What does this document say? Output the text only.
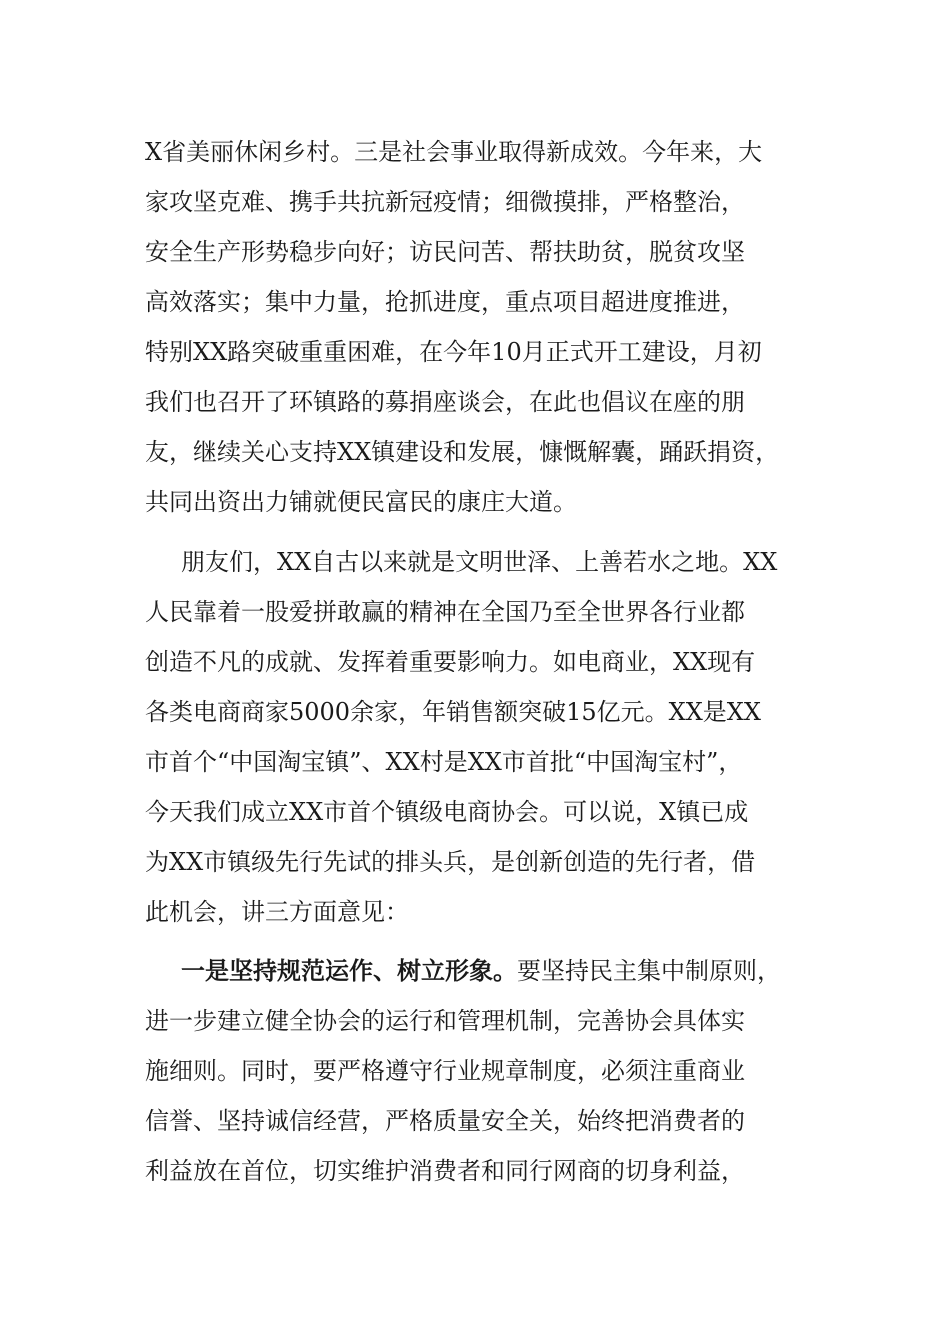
X省美丽休闲乡村。三是社会事业取得新成效。今年来，大
家攻坚克难、携手共抗新冠疫情；细微摸排，严格整治，
安全生产形势稳步向好；访民问苦、帮扶助贫，脱贫攻坚
高效落实；集中力量，抢抓进度，重点项目超进度推进，
特别XX路突破重重困难，在今年10月正式开工建设，月初
我们也召开了环镇路的募捐座谈会，在此也倡议在座的朋
友，继续关心支持XX镇建设和发展，慷慨解囊，踊跃捐资，
共同出资出力铺就便民富民的康庄大道。
朋友们，XX自古以来就是文明世泽、上善若水之地。XX
人民靠着一股爱拼敢赢的精神在全国乃至全世界各行业都
创造不凡的成就、发挥着重要影响力。如电商业，XX现有
各类电商商家5000余家，年销售额突破15亿元。XX是XX
市首个“中国淘宝镇”、XX村是XX市首批“中国淘宝村”，
今天我们成立XX市首个镇级电商协会。可以说，X镇已成
为XX市镇级先行先试的排头兵，是创新创造的先行者，借
此机会，讲三方面意见：
一是坚持规范运作、树立形象。要坚持民主集中制原则，
进一步建立健全协会的运行和管理机制，完善协会具体实
施细则。同时，要严格遵守行业规章制度，必须注重商业
信誉、坚持诚信经营，严格质量安全关，始终把消费者的
利益放在首位，切实维护消费者和同行网商的切身利益，
